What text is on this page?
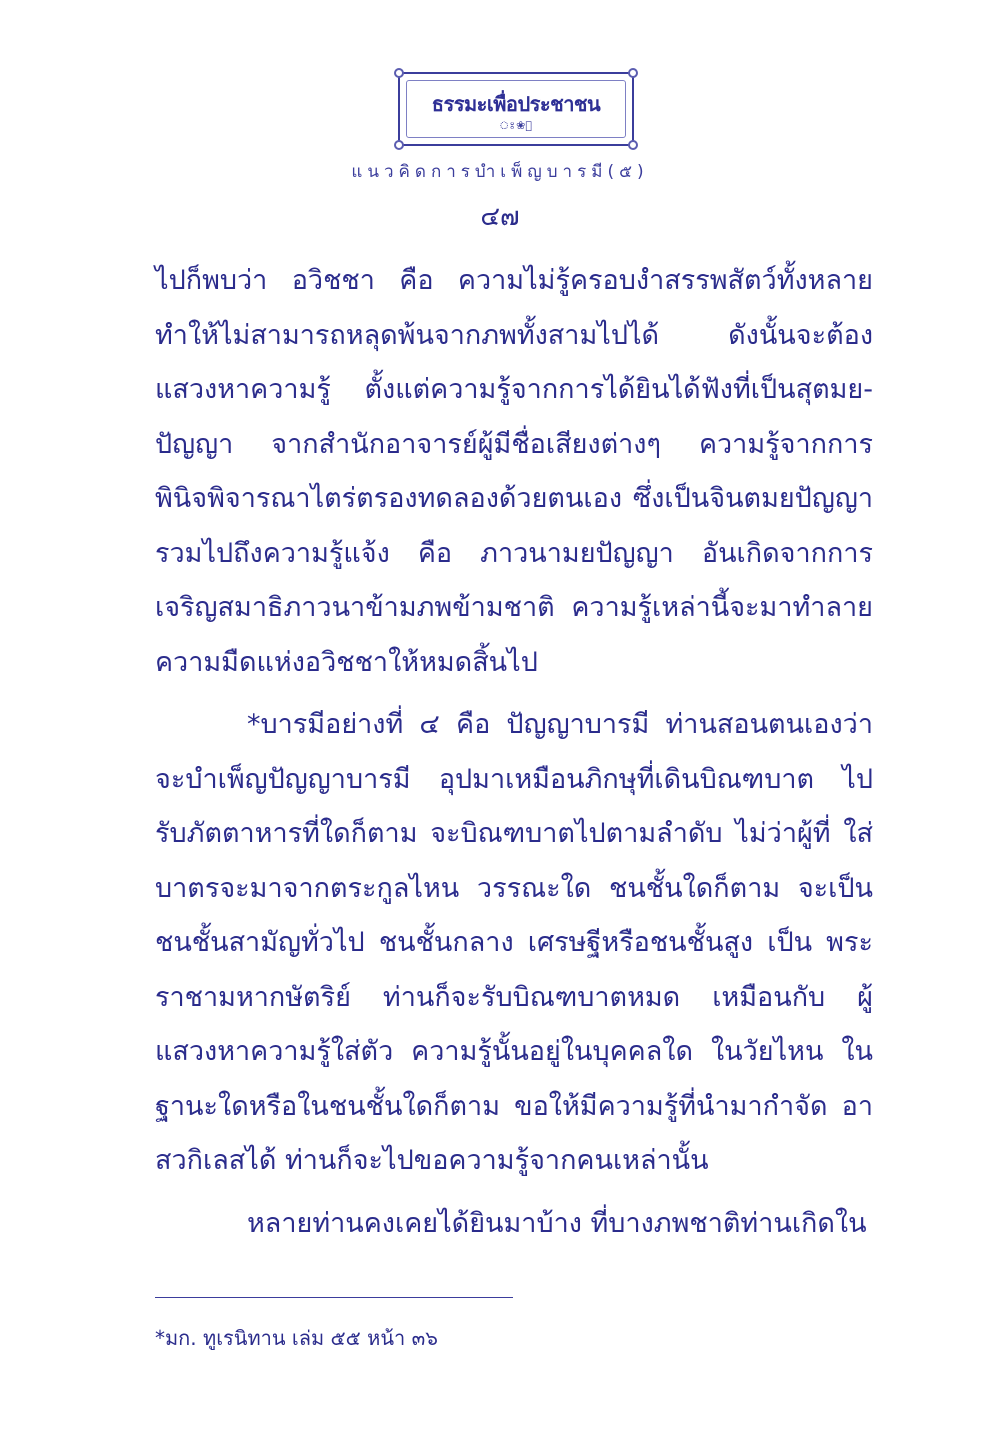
ธรรมะเพื่อประชาชน
ঃ❀ঃ
แนวคิดการบำเพ็ญบารมี(๕)
๔๗

ไปก็พบว่า อวิชชา คือ ความไม่รู้ครอบงำสรรพสัตว์ทั้งหลาย ทำให้ไม่สามารถหลุดพ้นจากภพทั้งสามไปได้ ดังนั้นจะต้อง แสวงหาความรู้ ตั้งแต่ความรู้จากการได้ยินได้ฟังที่เป็นสุตมย-ปัญญา จากสำนักอาจารย์ผู้มีชื่อเสียงต่างๆ ความรู้จากการ พินิจพิจารณาไตร่ตรองทดลองด้วยตนเอง ซึ่งเป็นจินตมยปัญญา รวมไปถึงความรู้แจ้ง คือ ภาวนามยปัญญา อันเกิดจากการ เจริญสมาธิภาวนาข้ามภพข้ามชาติ ความรู้เหล่านี้จะมาทำลาย ความมืดแห่งอวิชชาให้หมดสิ้นไป

*บารมีอย่างที่ ๔ คือ ปัญญาบารมี ท่านสอนตนเองว่า จะบำเพ็ญปัญญาบารมี อุปมาเหมือนภิกษุที่เดินบิณฑบาต ไป รับภัตตาหารที่ใดก็ตาม จะบิณฑบาตไปตามลำดับ ไม่ว่าผู้ที่ ใส่บาตรจะมาจากตระกูลไหน วรรณะใด ชนชั้นใดก็ตาม จะเป็น ชนชั้นสามัญทั่วไป ชนชั้นกลาง เศรษฐีหรือชนชั้นสูง เป็น พระราชามหากษัตริย์ ท่านก็จะรับบิณฑบาตหมด เหมือนกับ ผู้แสวงหาความรู้ใส่ตัว ความรู้นั้นอยู่ในบุคคลใด ในวัยไหน ในฐานะใดหรือในชนชั้นใดก็ตาม ขอให้มีความรู้ที่นำมากำจัด อาสวกิเลสได้ ท่านก็จะไปขอความรู้จากคนเหล่านั้น

หลายท่านคงเคยได้ยินมาบ้าง ที่บางภพชาติท่านเกิดใน

*มก. ทูเรนิทาน เล่ม ๕๕ หน้า ๓๖
